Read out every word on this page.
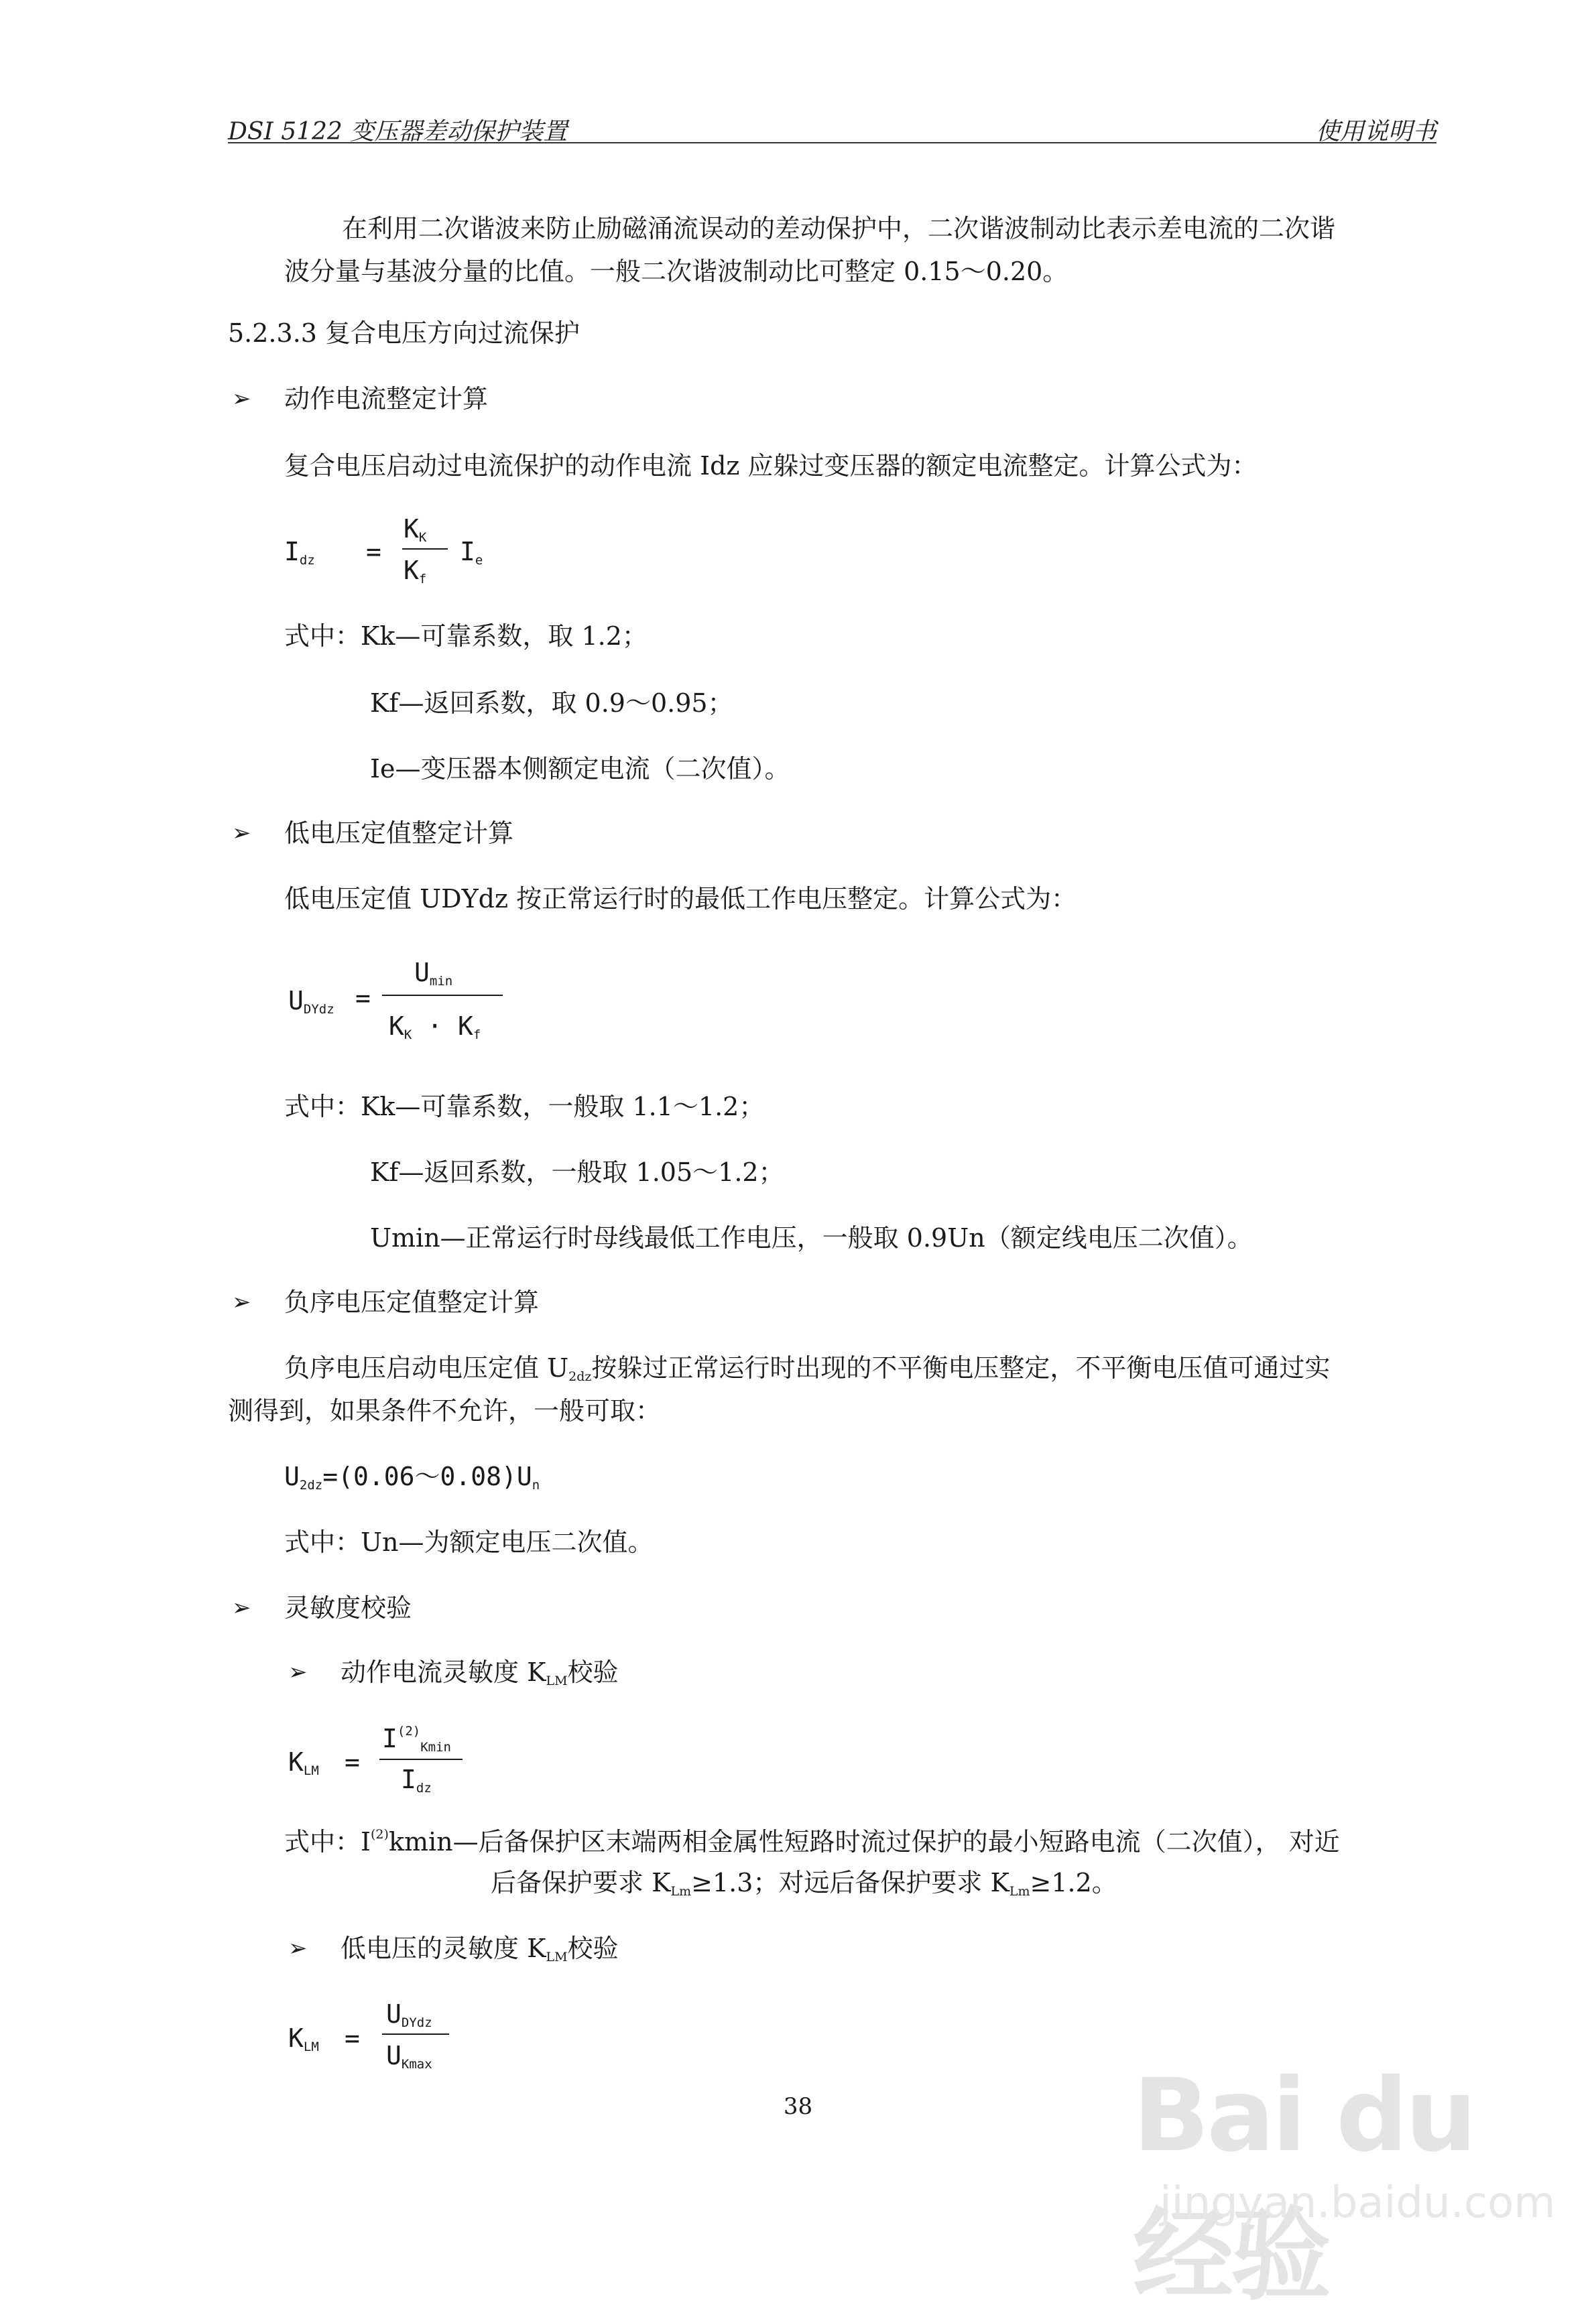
DSI 5122 变压器差动保护装置	使用说明书
在利用二次谐波来防止励磁涌流误动的差动保护中，二次谐波制动比表示差电流的二次谐
波分量与基波分量的比值。一般二次谐波制动比可整定 0.15～0.20。
5.2.3.3 复合电压方向过流保护
➢ 动作电流整定计算
复合电压启动过电流保护的动作电流 Idz 应躲过变压器的额定电流整定。计算公式为：
$I_{dz}$ =
$K_K$
$K_f$
$I_e$
式中：Kk—可靠系数，取 1.2；
Kf—返回系数，取 0.9～0.95；
Ie—变压器本侧额定电流（二次值）。
➢ 低电压定值整定计算
低电压定值 UDYdz 按正常运行时的最低工作电压整定。计算公式为：
$U_{DYdz}$ =
$U_{min}$
$K_K \cdot K_f$
式中：Kk—可靠系数，一般取 1.1～1.2；
Kf—返回系数，一般取 1.05～1.2；
Umin—正常运行时母线最低工作电压，一般取 0.9Un（额定线电压二次值）。
➢ 负序电压定值整定计算
负序电压启动电压定值 $U_{2dz}$按躲过正常运行时出现的不平衡电压整定，不平衡电压值可通过实
测得到，如果条件不允许，一般可取：
$U_{2dz}=(0.06\sim 0.08)U_n$
式中：Un—为额定电压二次值。
➢ 灵敏度校验
➢ 动作电流灵敏度 $K_{LM}$校验
$K_{LM}$ =
$I^{(2)}_{Kmin}$
$I_{dz}$
式中：$I^{(2)}kmin—$后备保护区末端两相金属性短路时流过保护的最小短路电流（二次值）， 对近
后备保护要求 $K_{Lm}\ge 1.3$；对远后备保护要求 $K_{Lm}\ge 1.2$。
➢ 低电压的灵敏度 $K_{LM}$校验
$K_{LM}$ =
$U_{DYdz}$
$U_{Kmax}$
38	Bai du 经验
jingyan.baidu.com
